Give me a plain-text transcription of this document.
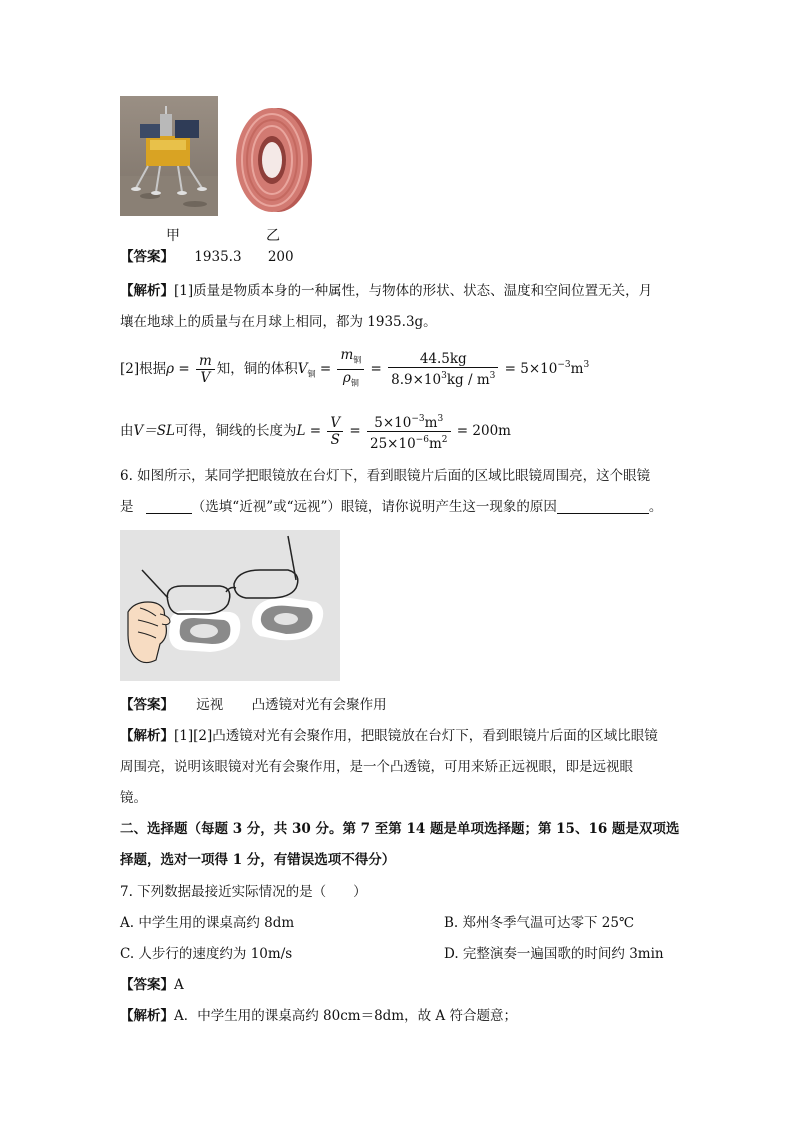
甲	乙
【答案】 1935.3 200
【解析】[1]质量是物质本身的一种属性，与物体的形状、状态、温度和空间位置无关，月
壤在地球上的质量与在月球上相同，都为 1935.3g。
[2]根据$\rho = \frac{m}{V}$ 知，铜的体积$V_铜 = \frac{m_铜}{\rho_铜} = \frac{44.5kg}{8.9\times 10^3kg / m^3} = 5\times 10^{-3}m^3$
由V＝SL可得，铜线的长度为$L = \frac{V}{S} = \frac{5\times 10^{-3}m^3}{25\times 10^{-6}m^2} = 200m$
6. 如图所示，某同学把眼镜放在台灯下，看到眼镜片后面的区域比眼镜周围亮，这个眼镜
是	（选填“近视”或“远视”）眼镜，请你说明产生这一现象的原因	。
【答案】 远视 凸透镜对光有会聚作用
【解析】[1][2]凸透镜对光有会聚作用，把眼镜放在台灯下，看到眼镜片后面的区域比眼镜
周围亮，说明该眼镜对光有会聚作用，是一个凸透镜，可用来矫正远视眼，即是远视眼
镜。
二、选择题（每题 3 分，共 30 分。第 7 至第 14 题是单项选择题；第 15、16 题是双项选
择题，选对一项得 1 分，有错误选项不得分）
7. 下列数据最接近实际情况的是（　　）
A. 中学生用的课桌高约 8dm	B. 郑州冬季气温可达零下 25℃
C. 人步行的速度约为 10m/s	D. 完整演奏一遍国歌的时间约 3min
【答案】A
【解析】A．中学生用的课桌高约 80cm＝8dm，故 A 符合题意；
